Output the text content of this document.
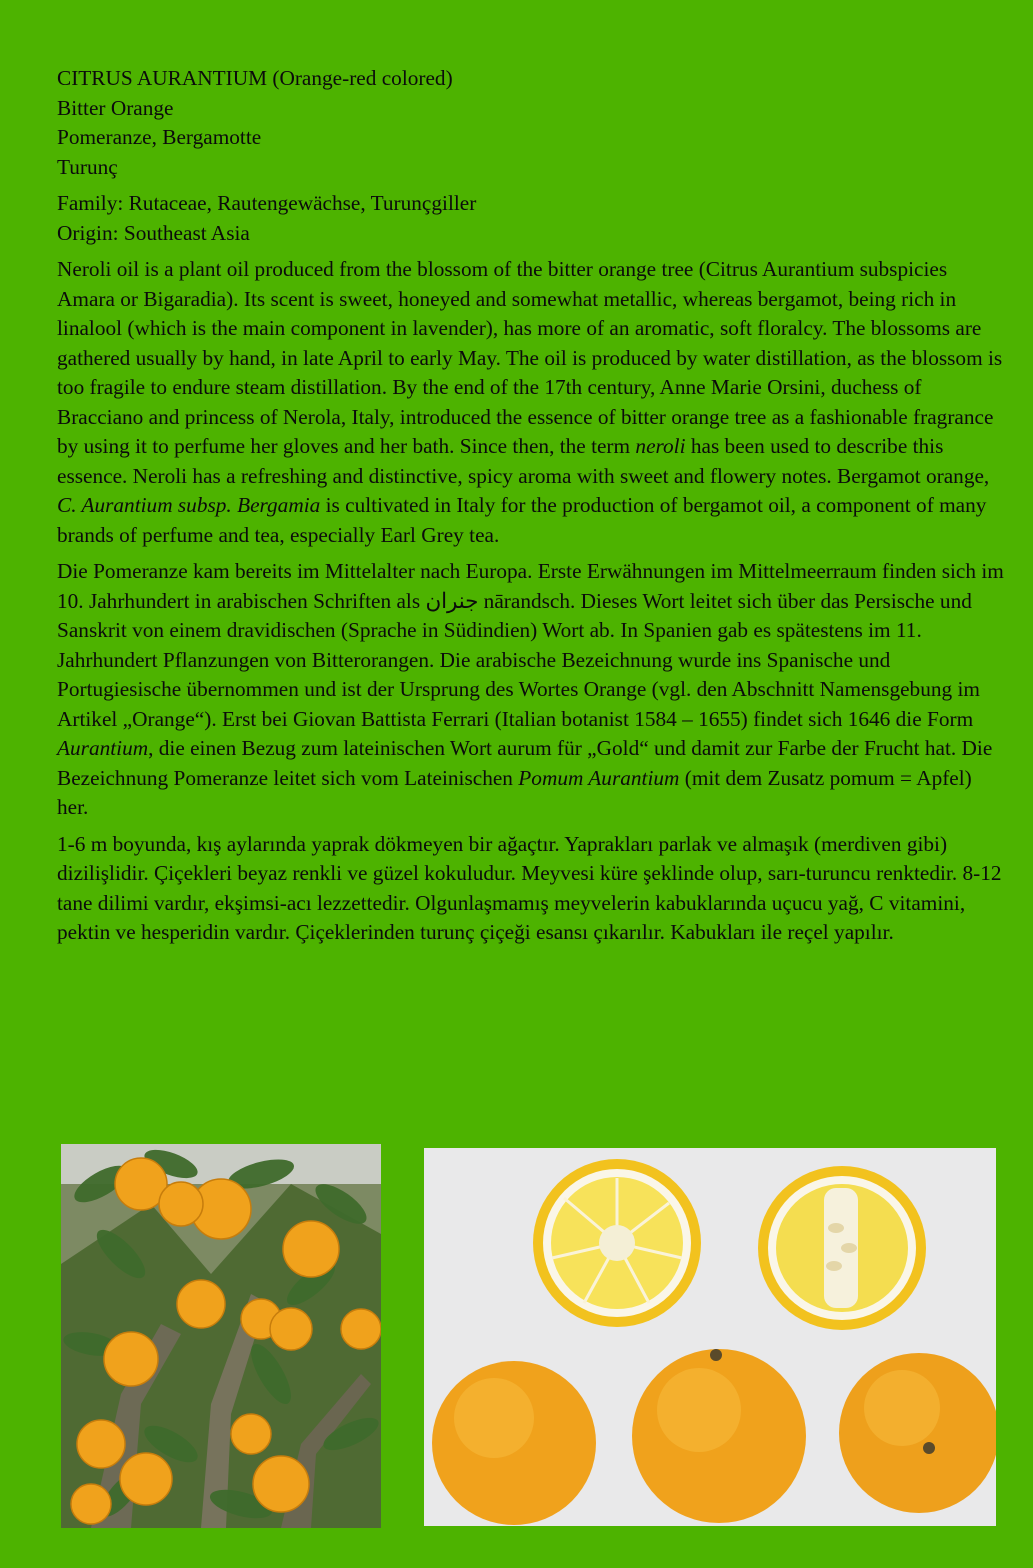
CITRUS AURANTIUM (Orange-red colored)
Bitter Orange
Pomeranze, Bergamotte
Turunç
Family: Rutaceae, Rautengewächse, Turunçgiller
Origin: Southeast Asia

Neroli oil is a plant oil produced from the blossom of the bitter orange tree (Citrus Aurantium subspicies Amara or Bigaradia). Its scent is sweet, honeyed and somewhat metallic, whereas bergamot, being rich in linalool (which is the main component in lavender), has more of an aromatic, soft floralcy. The blossoms are gathered usually by hand, in late April to early May. The oil is produced by water distillation, as the blossom is too fragile to endure steam distillation. By the end of the 17th century, Anne Marie Orsini, duchess of Bracciano and princess of Nerola, Italy, introduced the essence of bitter orange tree as a fashionable fragrance by using it to perfume her gloves and her bath. Since then, the term neroli has been used to describe this essence. Neroli has a refreshing and distinctive, spicy aroma with sweet and flowery notes. Bergamot orange, C. Aurantium subsp. Bergamia is cultivated in Italy for the production of bergamot oil, a component of many brands of perfume and tea, especially Earl Grey tea.

Die Pomeranze kam bereits im Mittelalter nach Europa. Erste Erwähnungen im Mittelmeerraum finden sich im 10. Jahrhundert in arabischen Schriften als جنران nārandsch. Dieses Wort leitet sich über das Persische und Sanskrit von einem dravidischen (Sprache in Südindien) Wort ab. In Spanien gab es spätestens im 11. Jahrhundert Pflanzungen von Bitterorangen. Die arabische Bezeichnung wurde ins Spanische und Portugiesische übernommen und ist der Ursprung des Wortes Orange (vgl. den Abschnitt Namensgebung im Artikel „Orange“). Erst bei Giovan Battista Ferrari (Italian botanist 1584 – 1655) findet sich 1646 die Form Aurantium, die einen Bezug zum lateinischen Wort aurum für „Gold“ und damit zur Farbe der Frucht hat. Die Bezeichnung Pomeranze leitet sich vom Lateinischen Pomum Aurantium (mit dem Zusatz pomum = Apfel) her.

1-6 m boyunda, kış aylarında yaprak dökmeyen bir ağaçtır. Yaprakları parlak ve almaşık (merdiven gibi) dizilişlidir. Çiçekleri beyaz renkli ve güzel kokuludur. Meyvesi küre şeklinde olup, sarı-turuncu renktedir. 8-12 tane dilimi vardır, ekşimsi-acı lezzettedir. Olgunlaşmamış meyvelerin kabuklarında uçucu yağ, C vitamini, pektin ve hesperidin vardır. Çiçeklerinden turunç çiçeği esansı çıkarılır. Kabukları ile reçel yapılır.
